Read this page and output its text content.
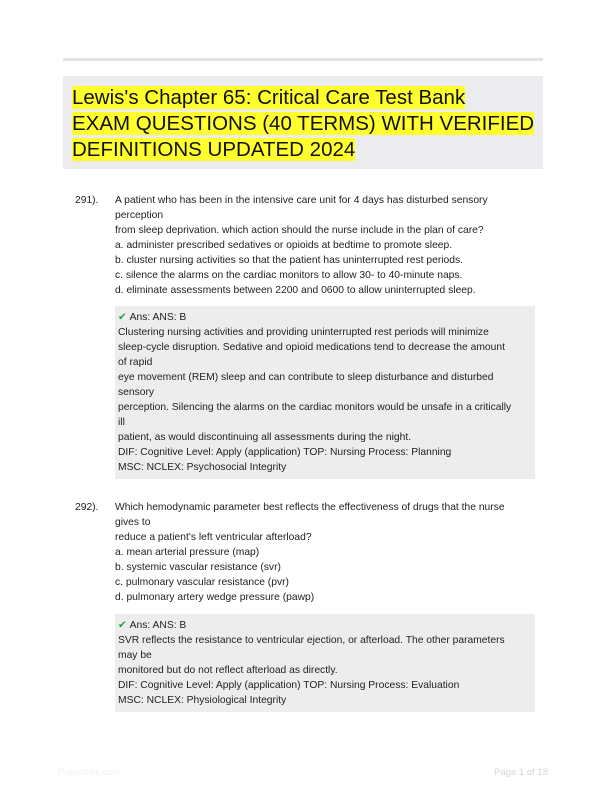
Lewis's Chapter 65: Critical Care Test Bank
EXAM QUESTIONS (40 TERMS) WITH VERIFIED
DEFINITIONS UPDATED 2024
291). A patient who has been in the intensive care unit for 4 days has disturbed sensory
perception
from sleep deprivation. which action should the nurse include in the plan of care?
a. administer prescribed sedatives or opioids at bedtime to promote sleep.
b. cluster nursing activities so that the patient has uninterrupted rest periods.
c. silence the alarms on the cardiac monitors to allow 30- to 40-minute naps.
d. eliminate assessments between 2200 and 0600 to allow uninterrupted sleep.
✔ Ans: ANS: B
Clustering nursing activities and providing uninterrupted rest periods will minimize
sleep-cycle disruption. Sedative and opioid medications tend to decrease the amount
of rapid
eye movement (REM) sleep and can contribute to sleep disturbance and disturbed
sensory
perception. Silencing the alarms on the cardiac monitors would be unsafe in a critically
ill
patient, as would discontinuing all assessments during the night.
DIF: Cognitive Level: Apply (application) TOP: Nursing Process: Planning
MSC: NCLEX: Psychosocial Integrity
292). Which hemodynamic parameter best reflects the effectiveness of drugs that the nurse
gives to
reduce a patient's left ventricular afterload?
a. mean arterial pressure (map)
b. systemic vascular resistance (svr)
c. pulmonary vascular resistance (pvr)
d. pulmonary artery wedge pressure (pawp)
✔ Ans: ANS: B
SVR reflects the resistance to ventricular ejection, or afterload. The other parameters
may be
monitored but do not reflect afterload as directly.
DIF: Cognitive Level: Apply (application) TOP: Nursing Process: Evaluation
MSC: NCLEX: Physiological Integrity
Papertblic.com	Page 1 of 18
